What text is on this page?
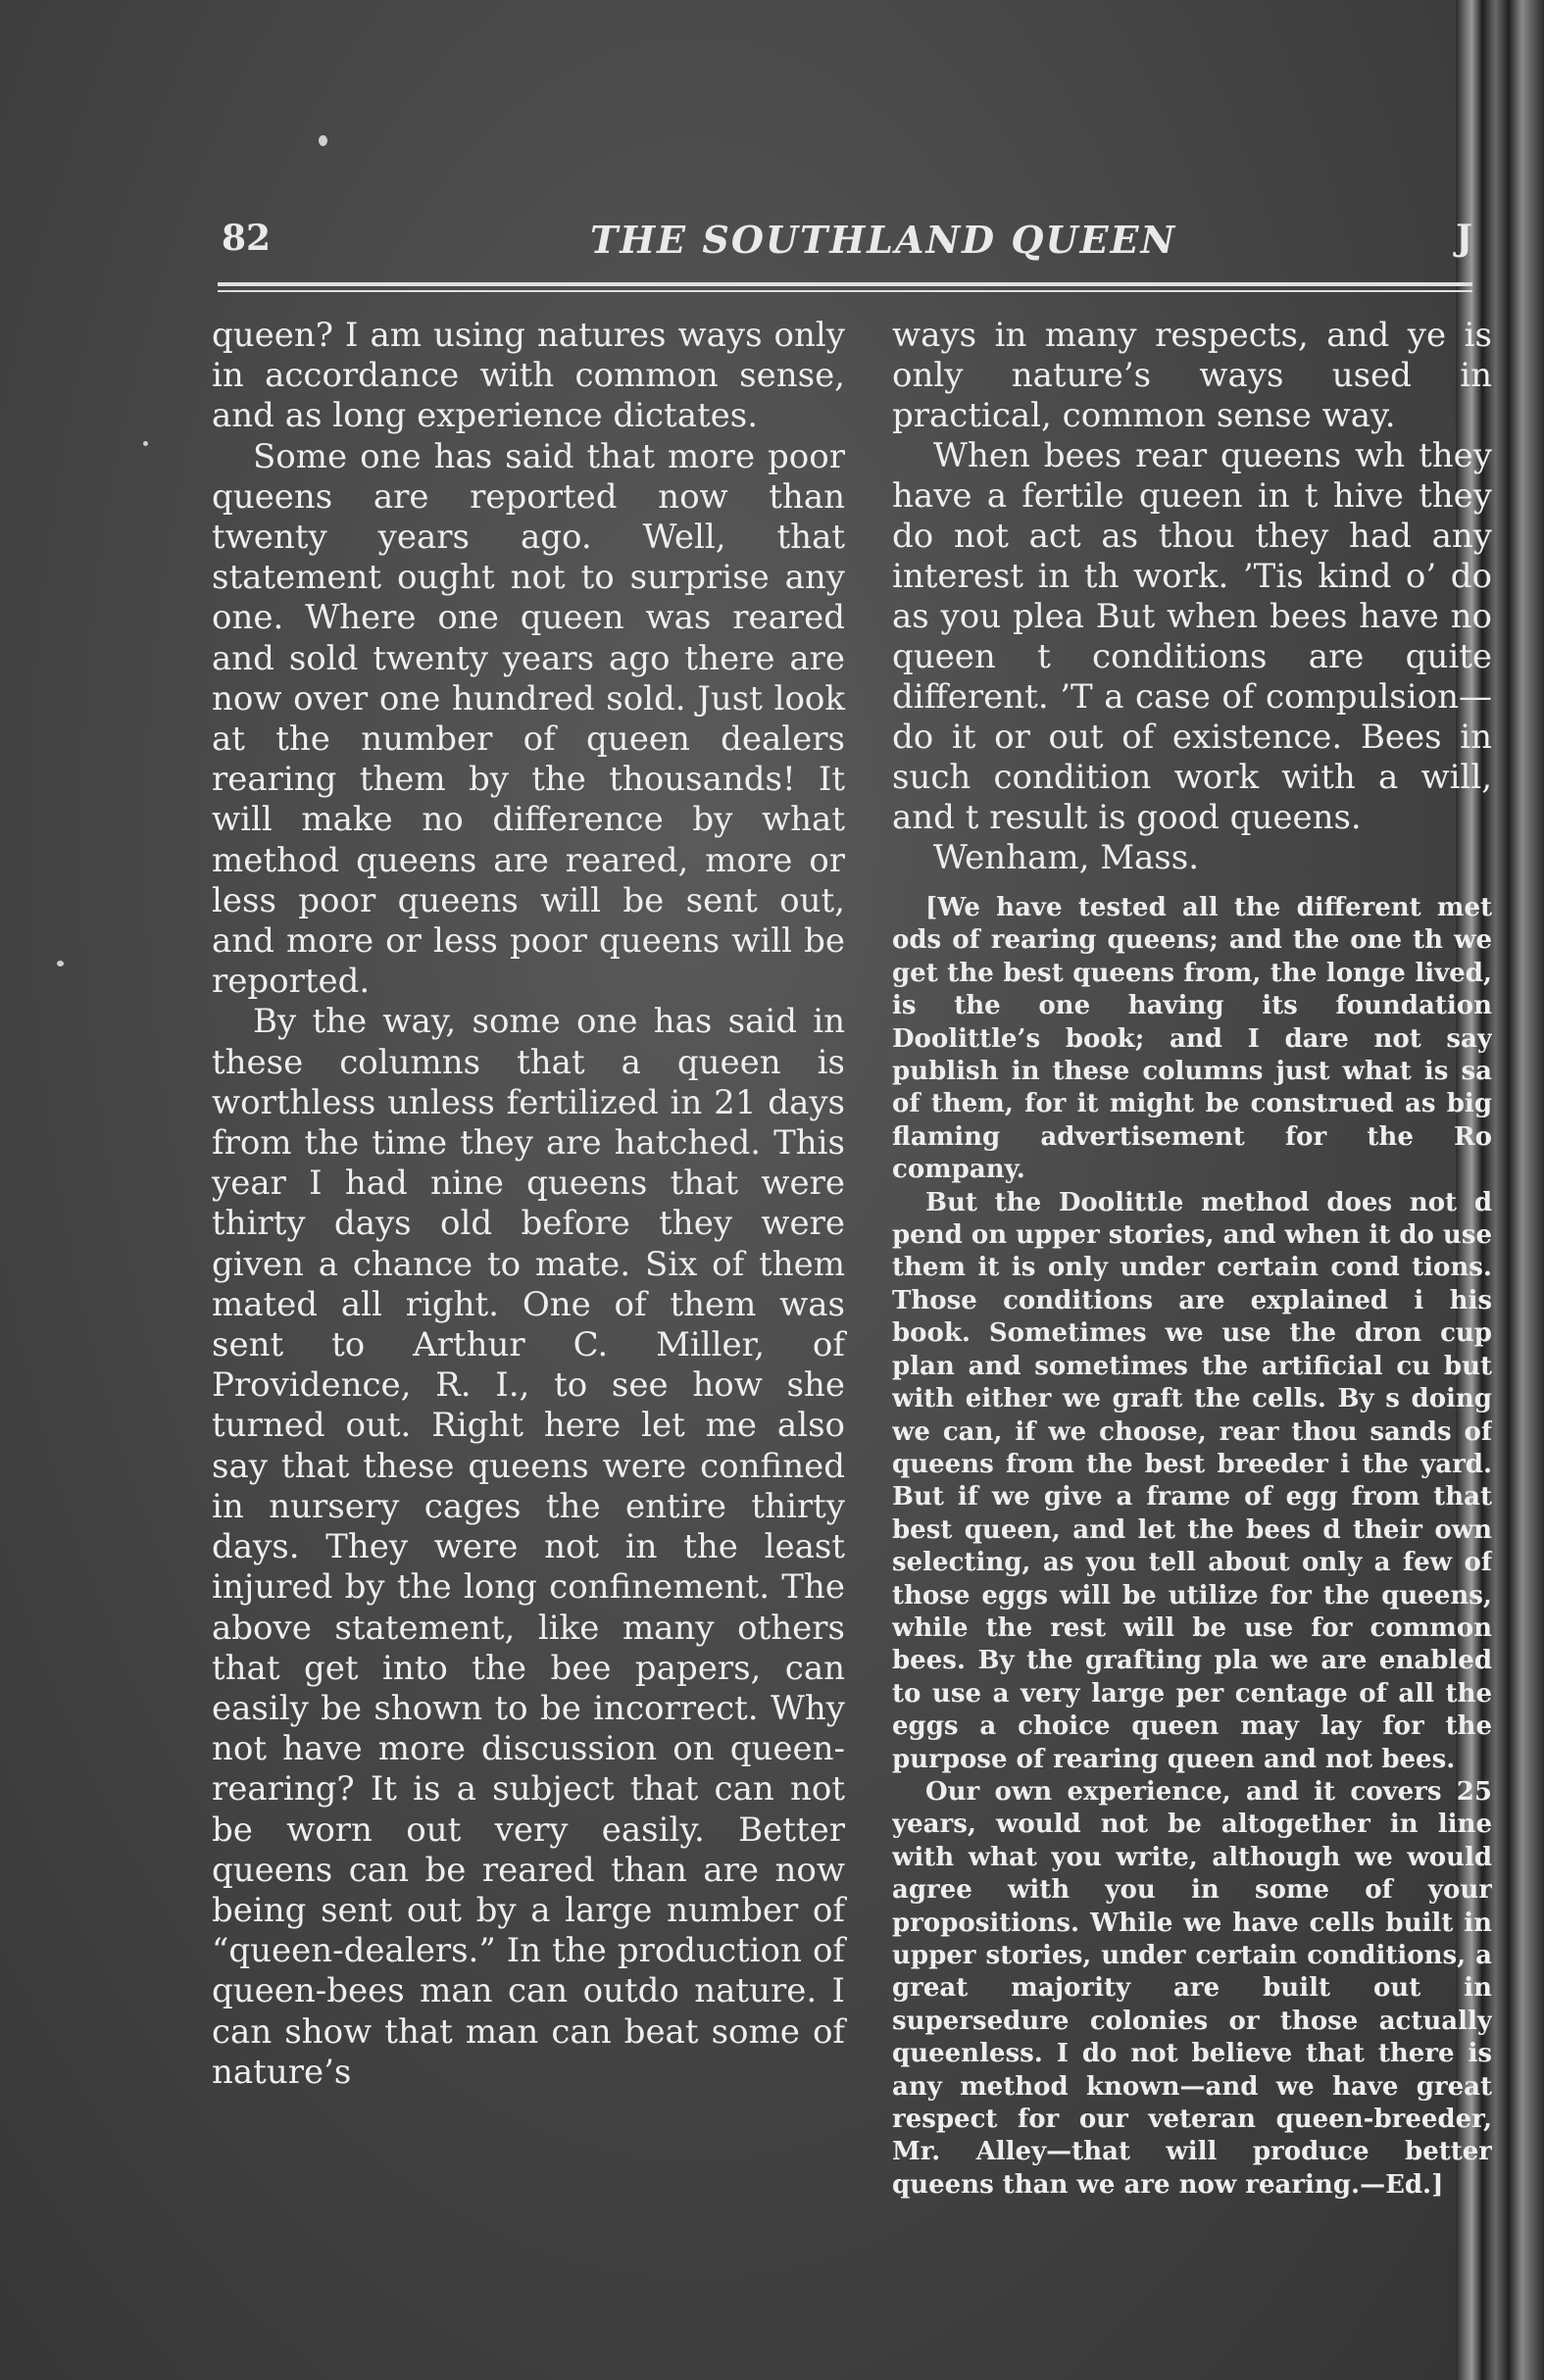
82	THE SOUTHLAND QUEEN	J

queen? I am using natures ways only in accordance with common sense, and as long experience dictates.

Some one has said that more poor queens are reported now than twenty years ago. Well, that statement ought not to surprise any one. Where one queen was reared and sold twenty years ago there are now over one hundred sold. Just look at the number of queen dealers rearing them by the thousands! It will make no difference by what method queens are reared, more or less poor queens will be sent out, and more or less poor queens will be reported.

By the way, some one has said in these columns that a queen is worthless unless fertilized in 21 days from the time they are hatched. This year I had nine queens that were thirty days old before they were given a chance to mate. Six of them mated all right. One of them was sent to Arthur C. Miller, of Providence, R. I., to see how she turned out. Right here let me also say that these queens were confined in nursery cages the entire thirty days. They were not in the least injured by the long confinement. The above statement, like many others that get into the bee papers, can easily be shown to be incorrect. Why not have more discussion on queen-rearing? It is a subject that can not be worn out very easily. Better queens can be reared than are now being sent out by a large number of “queen-dealers.” In the production of queen-bees man can outdo nature. I can show that man can beat some of nature’s

ways in many respects, and ye is only nature’s ways used in practical, common sense way.

When bees rear queens wh they have a fertile queen in t hive they do not act as thou they had any interest in th work. ’Tis kind o’ do as you plea But when bees have no queen t conditions are quite different. ’T a case of compulsion—do it or out of existence. Bees in such condition work with a will, and t result is good queens.

Wenham, Mass.

[We have tested all the different met ods of rearing queens; and the one th we get the best queens from, the longe lived, is the one having its foundation Doolittle’s book; and I dare not say publish in these columns just what is sa of them, for it might be construed as big flaming advertisement for the Ro company.

But the Doolittle method does not d pend on upper stories, and when it do use them it is only under certain cond tions. Those conditions are explained i his book. Sometimes we use the dron cup plan and sometimes the artificial cu but with either we graft the cells. By s doing we can, if we choose, rear thou sands of queens from the best breeder i the yard. But if we give a frame of egg from that best queen, and let the bees d their own selecting, as you tell about only a few of those eggs will be utilize for the queens, while the rest will be use for common bees. By the grafting pla we are enabled to use a very large per centage of all the eggs a choice queen may lay for the purpose of rearing queen and not bees.

Our own experience, and it covers 25 years, would not be altogether in line with what you write, although we would agree with you in some of your propositions. While we have cells built in upper stories, under certain conditions, a great majority are built out in supersedure colonies or those actually queenless. I do not believe that there is any method known—and we have great respect for our veteran queen-breeder, Mr. Alley—that will produce better queens than we are now rearing.—Ed.]
